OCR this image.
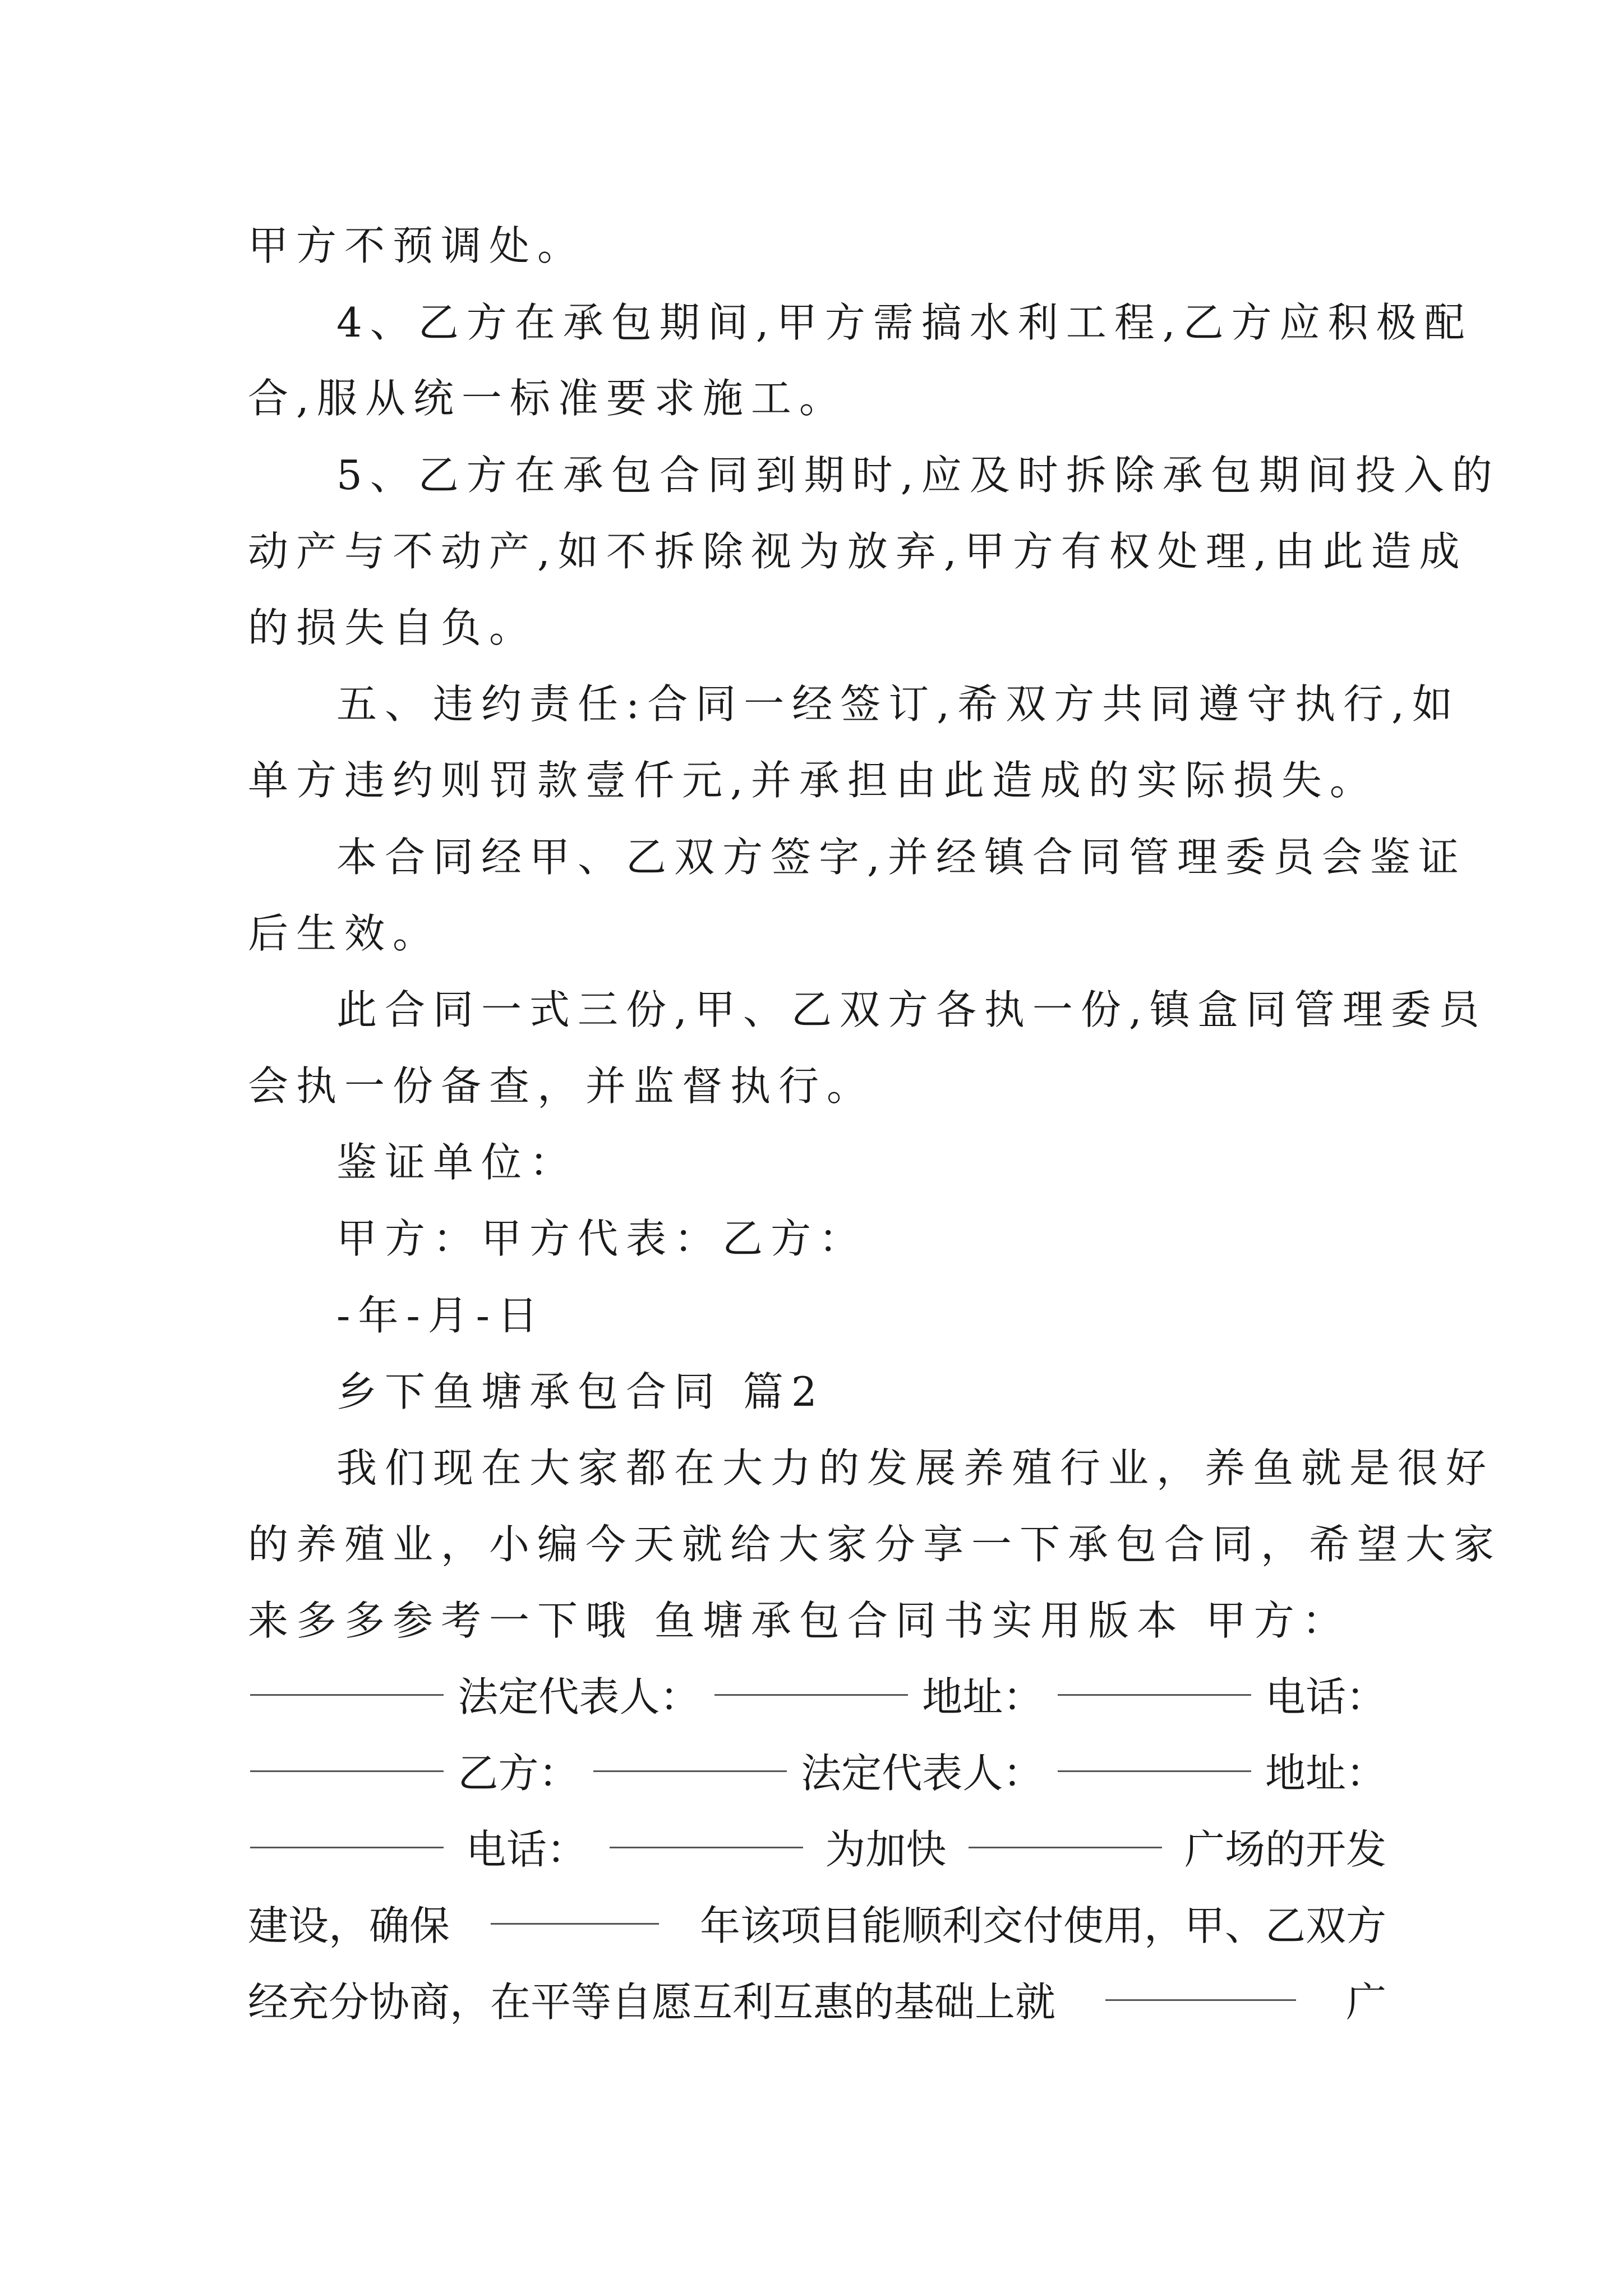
甲方不预调处。
4、乙方在承包期间,甲方需搞水利工程,乙方应积极配
合,服从统一标准要求施工。
5、乙方在承包合同到期时,应及时拆除承包期间投入的
动产与不动产,如不拆除视为放弃,甲方有权处理,由此造成
的损失自负。
五、违约责任:合同一经签订,希双方共同遵守执行,如
单方违约则罚款壹仟元,并承担由此造成的实际损失。
本合同经甲、乙双方签字,并经镇合同管理委员会鉴证
后生效。
此合同一式三份,甲、乙双方各执一份,镇盒同管理委员
会执一份备查，并监督执行。
鉴证单位：
甲方：甲方代表：乙方：
-年-月-日
乡下鱼塘承包合同 篇2
我们现在大家都在大力的发展养殖行业，养鱼就是很好
的养殖业，小编今天就给大家分享一下承包合同，希望大家
来多多参考一下哦 鱼塘承包合同书实用版本 甲方：
法定代表人：	地址：	电话：
乙方：	法定代表人：	地址：
电话：	为加快	广场的开发
建设，确保	年该项目能顺利交付使用，甲、乙双方
经充分协商，在平等自愿互利互惠的基础上就	广
